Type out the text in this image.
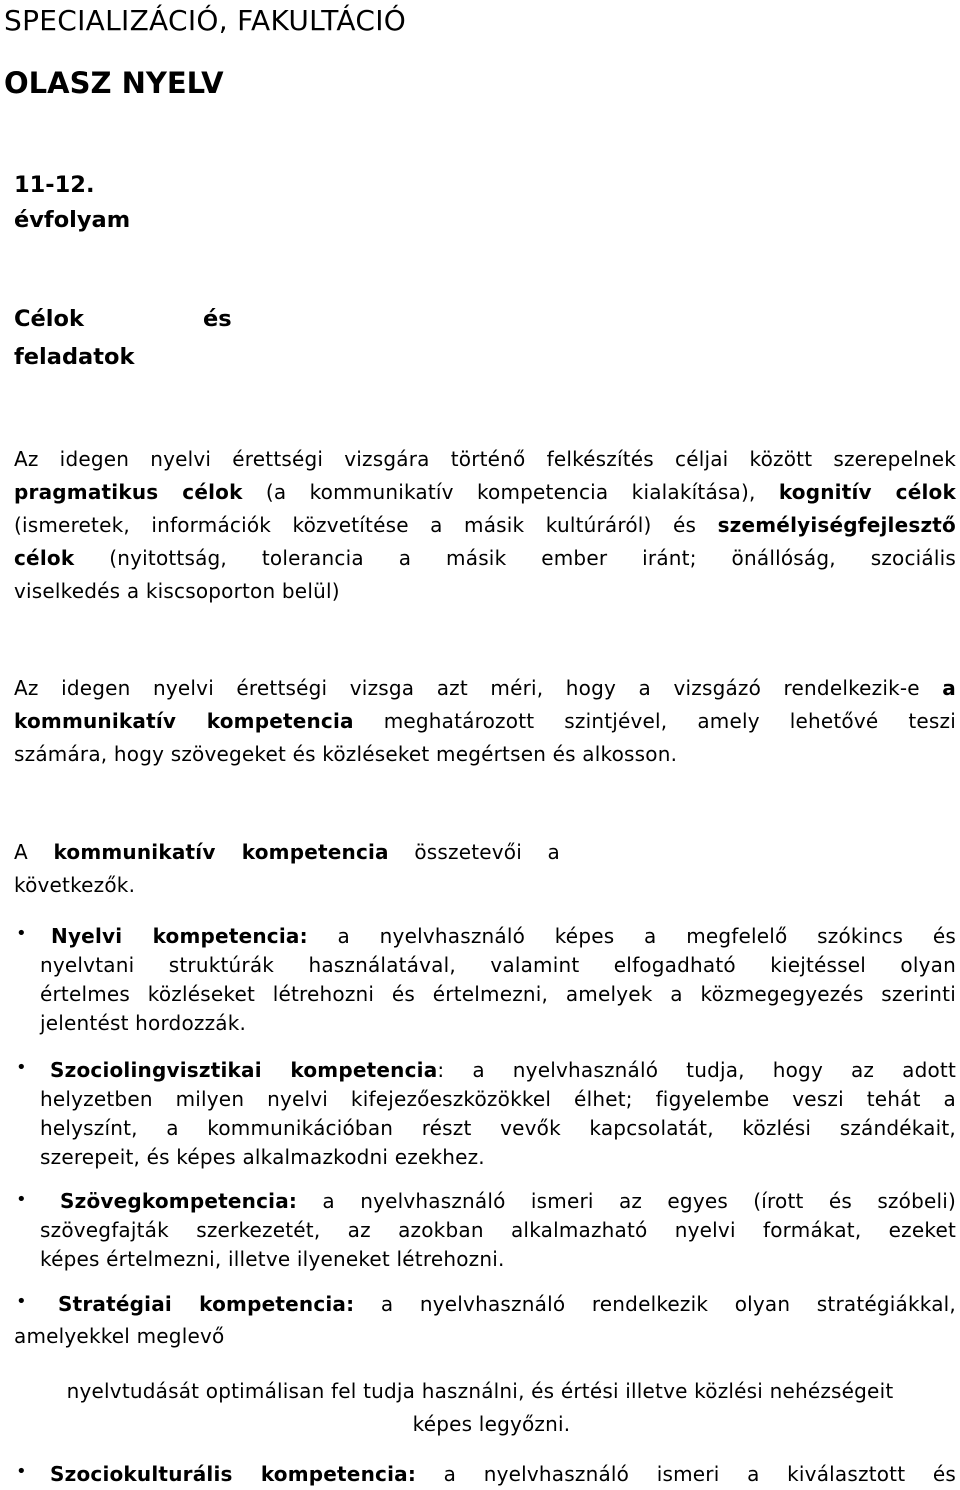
SPECIALIZÁCIÓ, FAKULTÁCIÓ
OLASZ NYELV
11-12.
évfolyam
Célok	és
feladatok
Az idegen nyelvi érettségi vizsgára történő felkészítés céljai között szerepelnek
pragmatikus célok (a kommunikatív kompetencia kialakítása), kognitív célok
(ismeretek, információk közvetítése a másik kultúráról) és személyiségfejlesztő
célok (nyitottság, tolerancia a másik ember iránt; önállóság, szociális
viselkedés a kiscsoporton belül)
Az idegen nyelvi érettségi vizsga azt méri, hogy a vizsgázó rendelkezik-e a
kommunikatív kompetencia meghatározott szintjével, amely lehetővé teszi
számára, hogy szövegeket és közléseket megértsen és alkosson.
A kommunikatív kompetencia összetevői a
következők.
•	Nyelvi kompetencia: a nyelvhasználó képes a megfelelő szókincs és
nyelvtani struktúrák használatával, valamint elfogadható kiejtéssel olyan
értelmes közléseket létrehozni és értelmezni, amelyek a közmegegyezés szerinti
jelentést hordozzák.
•	Szociolingvisztikai kompetencia: a nyelvhasználó tudja, hogy az adott
helyzetben milyen nyelvi kifejezőeszközökkel élhet; figyelembe veszi tehát a
helyszínt, a kommunikációban részt vevők kapcsolatát, közlési szándékait,
szerepeit, és képes alkalmazkodni ezekhez.
•	Szövegkompetencia: a nyelvhasználó ismeri az egyes (írott és szóbeli)
szövegfajták szerkezetét, az azokban alkalmazható nyelvi formákat, ezeket
képes értelmezni, illetve ilyeneket létrehozni.
•	Stratégiai kompetencia: a nyelvhasználó rendelkezik olyan stratégiákkal,
amelyekkel meglevő
nyelvtudását optimálisan fel tudja használni, és értési illetve közlési nehézségeit
képes legyőzni.
•	Szociokulturális kompetencia: a nyelvhasználó ismeri a kiválasztott és
